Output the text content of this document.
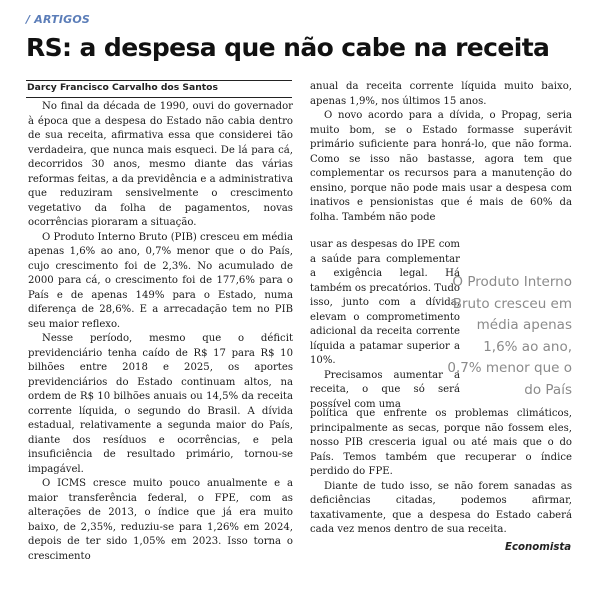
/ ARTIGOS
RS: a despesa que não cabe na receita
Darcy Francisco Carvalho dos Santos

No final da década de 1990, ouvi do governador à época que a despesa do Estado não cabia dentro de sua receita, afirmativa essa que considerei tão verdadeira, que nunca mais esqueci. De lá para cá, decorridos 30 anos, mesmo diante das várias reformas feitas, a da previdência e a administrativa que reduziram sensivelmente o crescimento vegetativo da folha de pagamentos, novas ocorrências pioraram a situação.

O Produto Interno Bruto (PIB) cresceu em média apenas 1,6% ao ano, 0,7% menor que o do País, cujo crescimento foi de 2,3%. No acumulado de 2000 para cá, o crescimento foi de 177,6% para o País e de apenas 149% para o Estado, numa diferença de 28,6%. E a arrecadação tem no PIB seu maior reflexo.

Nesse período, mesmo que o déficit previdenciário tenha caído de R$ 17 para R$ 10 bilhões entre 2018 e 2025, os aportes previdenciários do Estado continuam altos, na ordem de R$ 10 bilhões anuais ou 14,5% da receita corrente líquida, o segundo do Brasil. A dívida estadual, relativamente a segunda maior do País, diante dos resíduos e ocorrências, e pela insuficiência de resultado primário, tornou-se impagável.

O ICMS cresce muito pouco anualmente e a maior transferência federal, o FPE, com as alterações de 2013, o índice que já era muito baixo, de 2,35%, reduziu-se para 1,26% em 2024, depois de ter sido 1,05% em 2023. Isso torna o crescimento

anual da receita corrente líquida muito baixo, apenas 1,9%, nos últimos 15 anos.

O novo acordo para a dívida, o Propag, seria muito bom, se o Estado formasse superávit primário suficiente para honrá-lo, que não forma. Como se isso não bastasse, agora tem que complementar os recursos para a manutenção do ensino, porque não pode mais usar a despesa com inativos e pensionistas que é mais de 60% da folha. Também não pode

usar as despesas do IPE com a saúde para complementar a exigência legal. Há também os precatórios. Tudo isso, junto com a dívida, elevam o comprometimento adicional da receita corrente líquida a patamar superior a 10%.

Precisamos aumentar a receita, o que só será possível com uma

O Produto Interno Bruto cresceu em média apenas 1,6% ao ano, 0,7% menor que o do País

política que enfrente os problemas climáticos, principalmente as secas, porque não fossem eles, nosso PIB cresceria igual ou até mais que o do País. Temos também que recuperar o índice perdido do FPE.

Diante de tudo isso, se não forem sanadas as deficiências citadas, podemos afirmar, taxativamente, que a despesa do Estado caberá cada vez menos dentro de sua receita.

Economista
